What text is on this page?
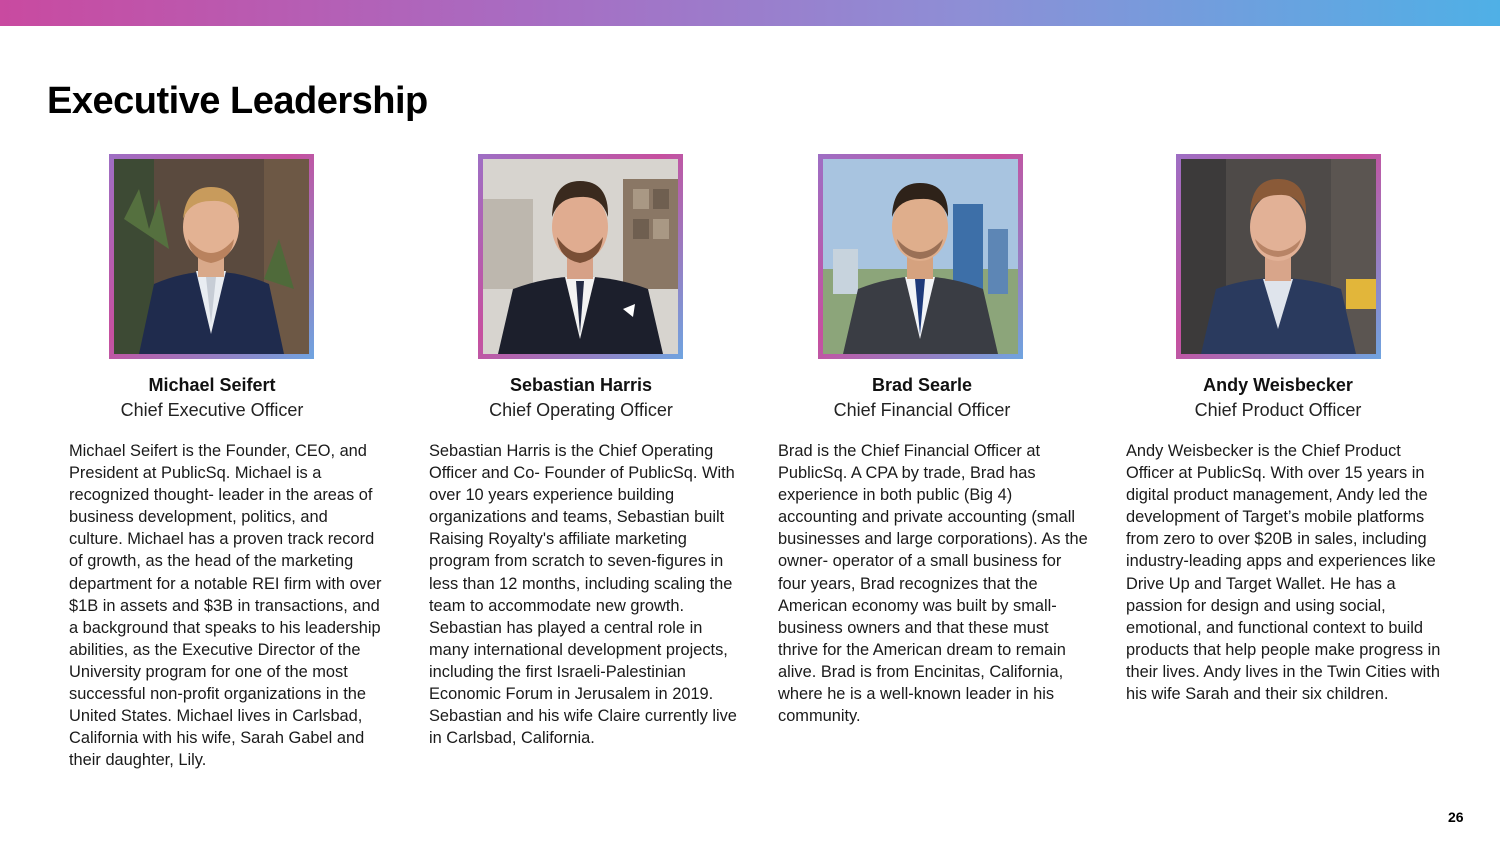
Executive Leadership
Michael Seifert
Chief Executive Officer

Michael Seifert is the Founder, CEO, and President at PublicSq. Michael is a recognized thought- leader in the areas of business development, politics, and culture. Michael has a proven track record of growth, as the head of the marketing department for a notable REI firm with over $1B in assets and $3B in transactions, and a background that speaks to his leadership abilities, as the Executive Director of the University program for one of the most successful non-profit organizations in the United States. Michael lives in Carlsbad, California with his wife, Sarah Gabel and their daughter, Lily.

Sebastian Harris
Chief Operating Officer

Sebastian Harris is the Chief Operating Officer and Co- Founder of PublicSq. With over 10 years experience building organizations and teams, Sebastian built Raising Royalty's affiliate marketing program from scratch to seven-figures in less than 12 months, including scaling the team to accommodate new growth. Sebastian has played a central role in many international development projects, including the first Israeli-Palestinian Economic Forum in Jerusalem in 2019. Sebastian and his wife Claire currently live in Carlsbad, California.

Brad Searle
Chief Financial Officer

Brad is the Chief Financial Officer at PublicSq. A CPA by trade, Brad has experience in both public (Big 4) accounting and private accounting (small businesses and large corporations). As the owner- operator of a small business for four years, Brad recognizes that the American economy was built by small-business owners and that these must thrive for the American dream to remain alive. Brad is from Encinitas, California, where he is a well-known leader in his community.

Andy Weisbecker
Chief Product Officer

Andy Weisbecker is the Chief Product Officer at PublicSq. With over 15 years in digital product management, Andy led the development of Target’s mobile platforms from zero to over $20B in sales, including industry-leading apps and experiences like Drive Up and Target Wallet. He has a passion for design and using social, emotional, and functional context to build products that help people make progress in their lives. Andy lives in the Twin Cities with his wife Sarah and their six children.

26
